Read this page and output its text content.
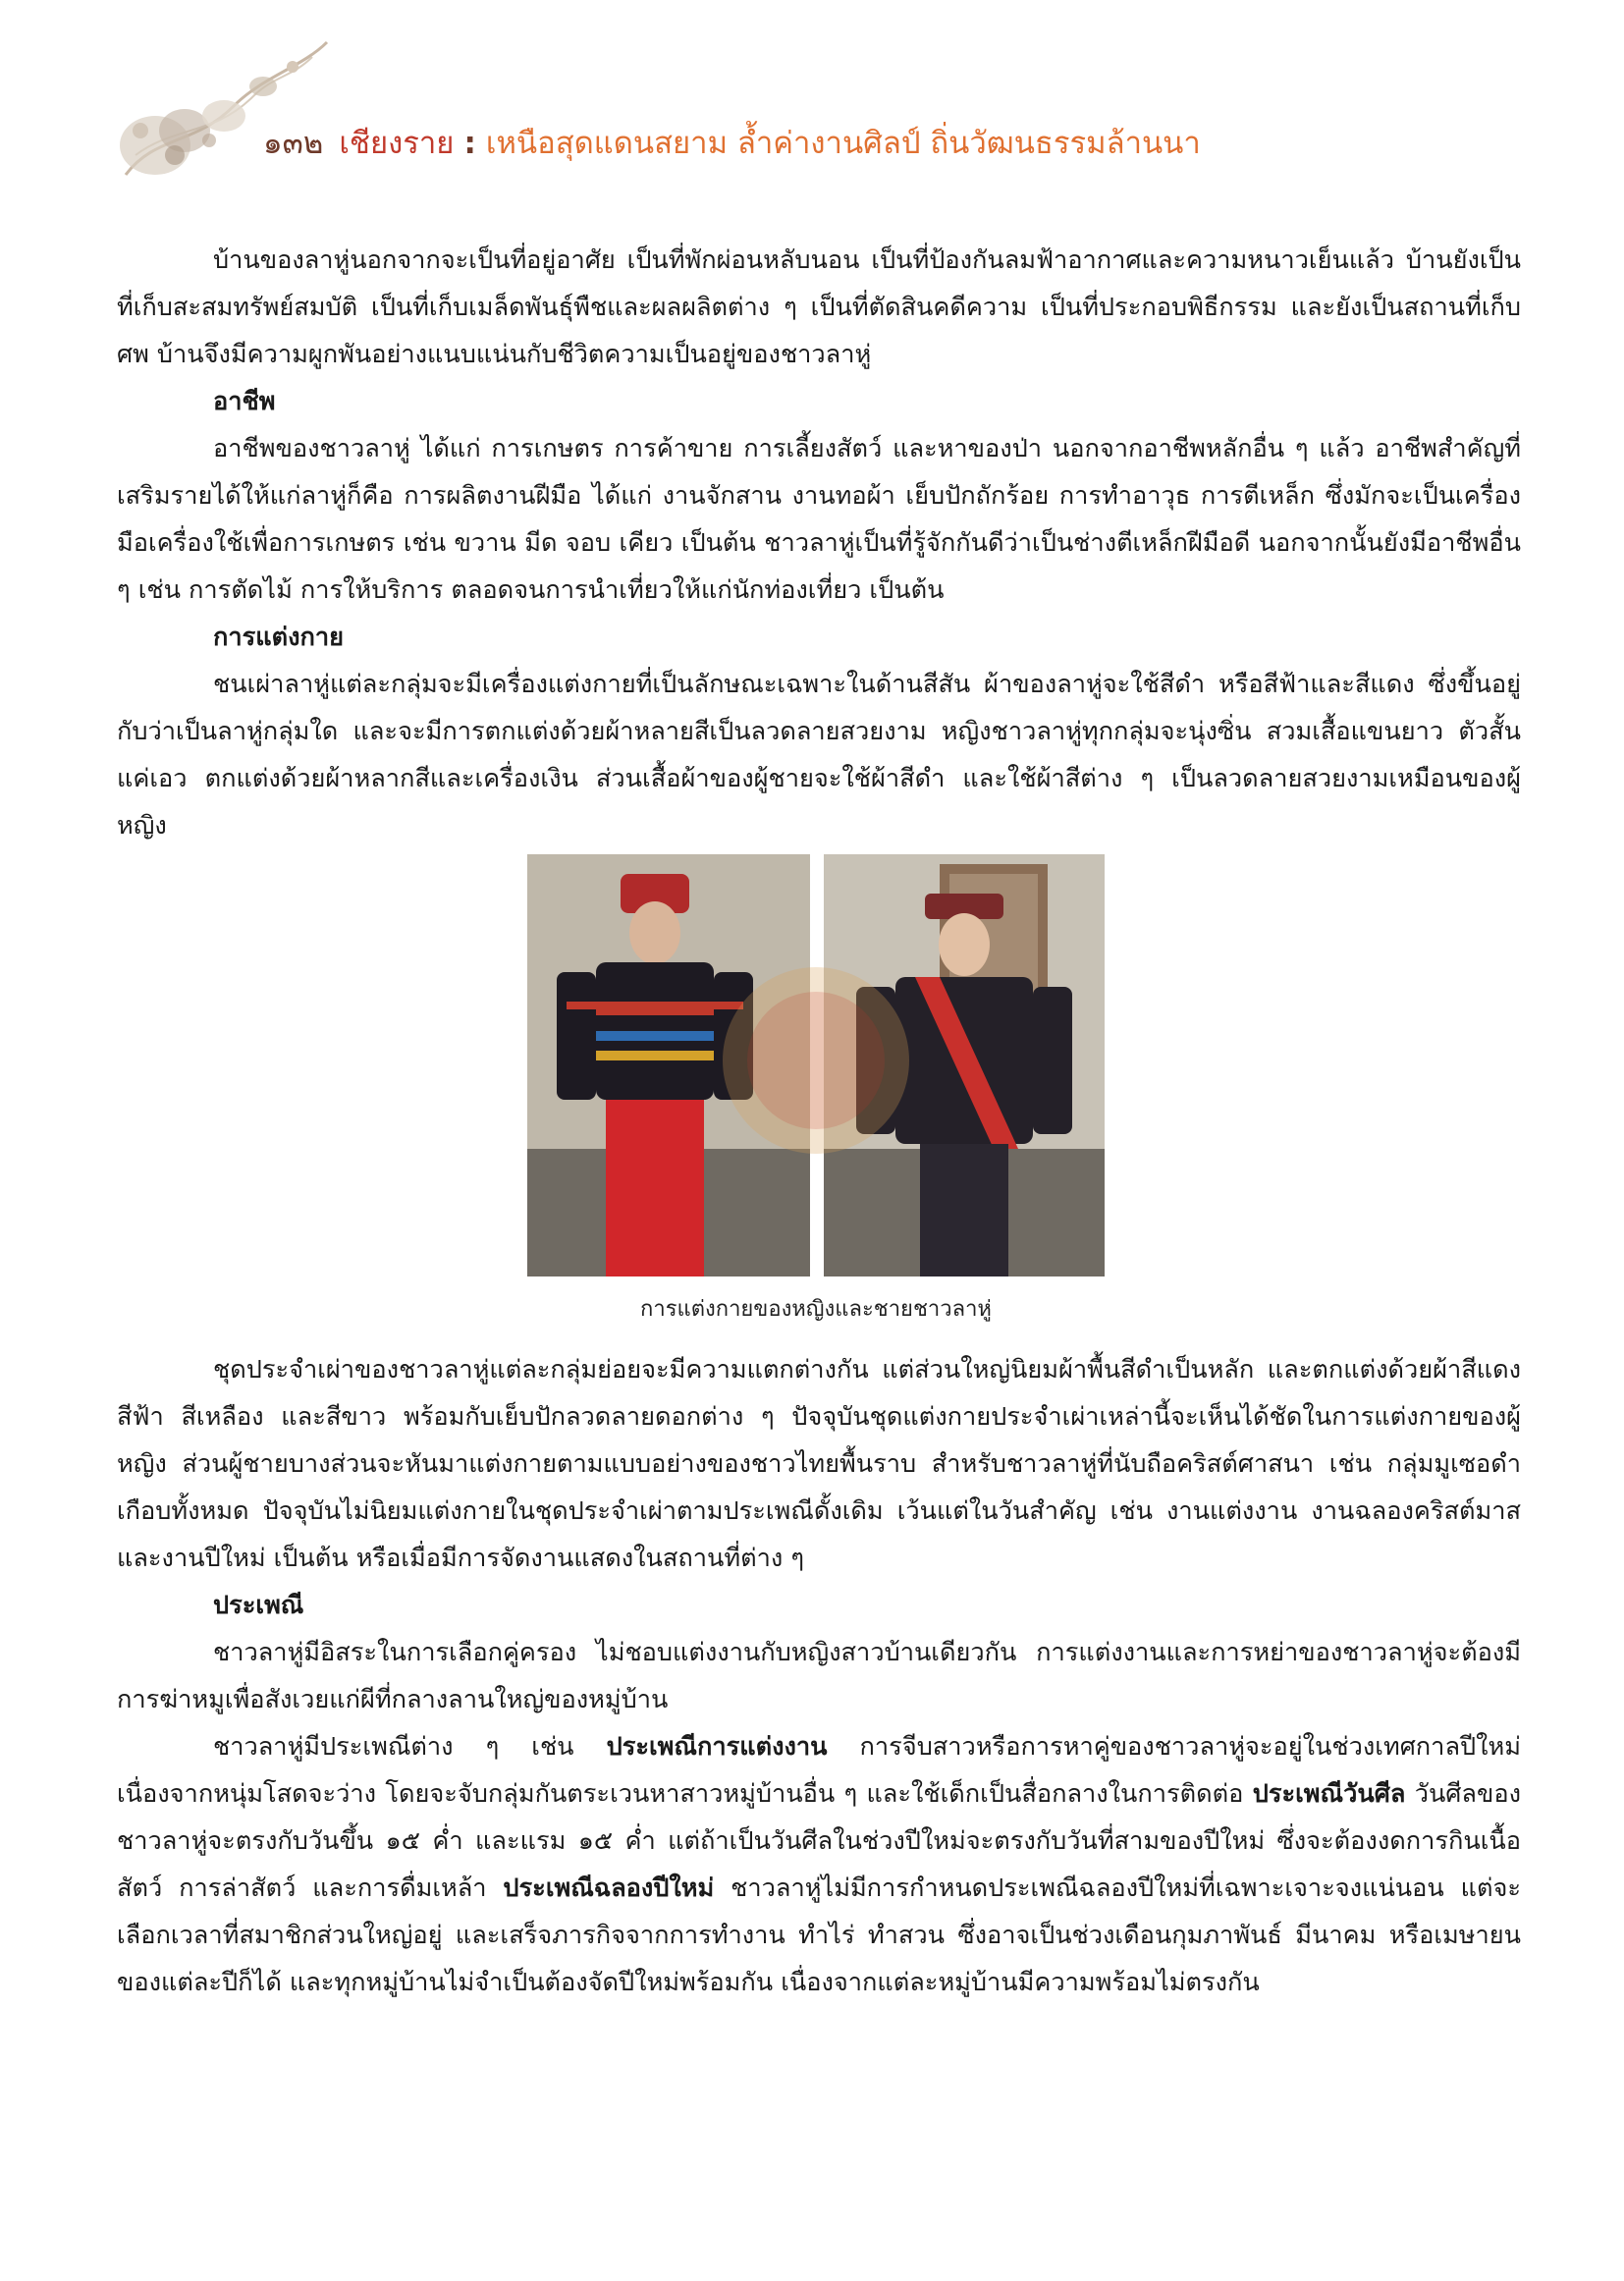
๑๓๒ เชียงราย : เหนือสุดแดนสยาม ล้ำค่างานศิลป์ ถิ่นวัฒนธรรมล้านนา

บ้านของลาหู่นอกจากจะเป็นที่อยู่อาศัย เป็นที่พักผ่อนหลับนอน เป็นที่ป้องกันลมฟ้าอากาศและความหนาวเย็นแล้ว บ้านยังเป็นที่เก็บสะสมทรัพย์สมบัติ เป็นที่เก็บเมล็ดพันธุ์พืชและผลผลิตต่าง ๆ เป็นที่ตัดสินคดีความ เป็นที่ประกอบพิธีกรรม และยังเป็นสถานที่เก็บศพ บ้านจึงมีความผูกพันอย่างแนบแน่นกับชีวิตความเป็นอยู่ของชาวลาหู่

อาชีพ

อาชีพของชาวลาหู่ ได้แก่ การเกษตร การค้าขาย การเลี้ยงสัตว์ และหาของป่า นอกจากอาชีพหลักอื่น ๆ แล้ว อาชีพสำคัญที่เสริมรายได้ให้แก่ลาหู่ก็คือ การผลิตงานฝีมือ ได้แก่ งานจักสาน งานทอผ้า เย็บปักถักร้อย การทำอาวุธ การตีเหล็ก ซึ่งมักจะเป็นเครื่องมือเครื่องใช้เพื่อการเกษตร เช่น ขวาน มีด จอบ เคียว เป็นต้น ชาวลาหู่เป็นที่รู้จักกันดีว่าเป็นช่างตีเหล็กฝีมือดี นอกจากนั้นยังมีอาชีพอื่น ๆ เช่น การตัดไม้ การให้บริการ ตลอดจนการนำเที่ยวให้แก่นักท่องเที่ยว เป็นต้น

การแต่งกาย

ชนเผ่าลาหู่แต่ละกลุ่มจะมีเครื่องแต่งกายที่เป็นลักษณะเฉพาะในด้านสีสัน ผ้าของลาหู่จะใช้สีดำ หรือสีฟ้าและสีแดง ซึ่งขึ้นอยู่กับว่าเป็นลาหู่กลุ่มใด และจะมีการตกแต่งด้วยผ้าหลายสีเป็นลวดลายสวยงาม หญิงชาวลาหู่ทุกกลุ่มจะนุ่งซิ่น สวมเสื้อแขนยาว ตัวสั้นแค่เอว ตกแต่งด้วยผ้าหลากสีและเครื่องเงิน ส่วนเสื้อผ้าของผู้ชายจะใช้ผ้าสีดำ และใช้ผ้าสีต่าง ๆ เป็นลวดลายสวยงามเหมือนของผู้หญิง

การแต่งกายของหญิงและชายชาวลาหู่

ชุดประจำเผ่าของชาวลาหู่แต่ละกลุ่มย่อยจะมีความแตกต่างกัน แต่ส่วนใหญ่นิยมผ้าพื้นสีดำเป็นหลัก และตกแต่งด้วยผ้าสีแดง สีฟ้า สีเหลือง และสีขาว พร้อมกับเย็บปักลวดลายดอกต่าง ๆ ปัจจุบันชุดแต่งกายประจำเผ่าเหล่านี้จะเห็นได้ชัดในการแต่งกายของผู้หญิง ส่วนผู้ชายบางส่วนจะหันมาแต่งกายตามแบบอย่างของชาวไทยพื้นราบ สำหรับชาวลาหู่ที่นับถือคริสต์ศาสนา เช่น กลุ่มมูเซอดำเกือบทั้งหมด ปัจจุบันไม่นิยมแต่งกายในชุดประจำเผ่าตามประเพณีดั้งเดิม เว้นแต่ในวันสำคัญ เช่น งานแต่งงาน งานฉลองคริสต์มาส และงานปีใหม่ เป็นต้น หรือเมื่อมีการจัดงานแสดงในสถานที่ต่าง ๆ

ประเพณี

ชาวลาหู่มีอิสระในการเลือกคู่ครอง ไม่ชอบแต่งงานกับหญิงสาวบ้านเดียวกัน การแต่งงานและการหย่าของชาวลาหู่จะต้องมีการฆ่าหมูเพื่อสังเวยแก่ผีที่กลางลานใหญ่ของหมู่บ้าน

ชาวลาหู่มีประเพณีต่าง ๆ เช่น ประเพณีการแต่งงาน การจีบสาวหรือการหาคู่ของชาวลาหู่จะอยู่ในช่วงเทศกาลปีใหม่ เนื่องจากหนุ่มโสดจะว่าง โดยจะจับกลุ่มกันตระเวนหาสาวหมู่บ้านอื่น ๆ และใช้เด็กเป็นสื่อกลางในการติดต่อ ประเพณีวันศีล วันศีลของชาวลาหู่จะตรงกับวันขึ้น ๑๕ ค่ำ และแรม ๑๕ ค่ำ แต่ถ้าเป็นวันศีลในช่วงปีใหม่จะตรงกับวันที่สามของปีใหม่ ซึ่งจะต้องงดการกินเนื้อสัตว์ การล่าสัตว์ และการดื่มเหล้า ประเพณีฉลองปีใหม่ ชาวลาหู่ไม่มีการกำหนดประเพณีฉลองปีใหม่ที่เฉพาะเจาะจงแน่นอน แต่จะเลือกเวลาที่สมาชิกส่วนใหญ่อยู่ และเสร็จภารกิจจากการทำงาน ทำไร่ ทำสวน ซึ่งอาจเป็นช่วงเดือนกุมภาพันธ์ มีนาคม หรือเมษายน ของแต่ละปีก็ได้ และทุกหมู่บ้านไม่จำเป็นต้องจัดปีใหม่พร้อมกัน เนื่องจากแต่ละหมู่บ้านมีความพร้อมไม่ตรงกัน
